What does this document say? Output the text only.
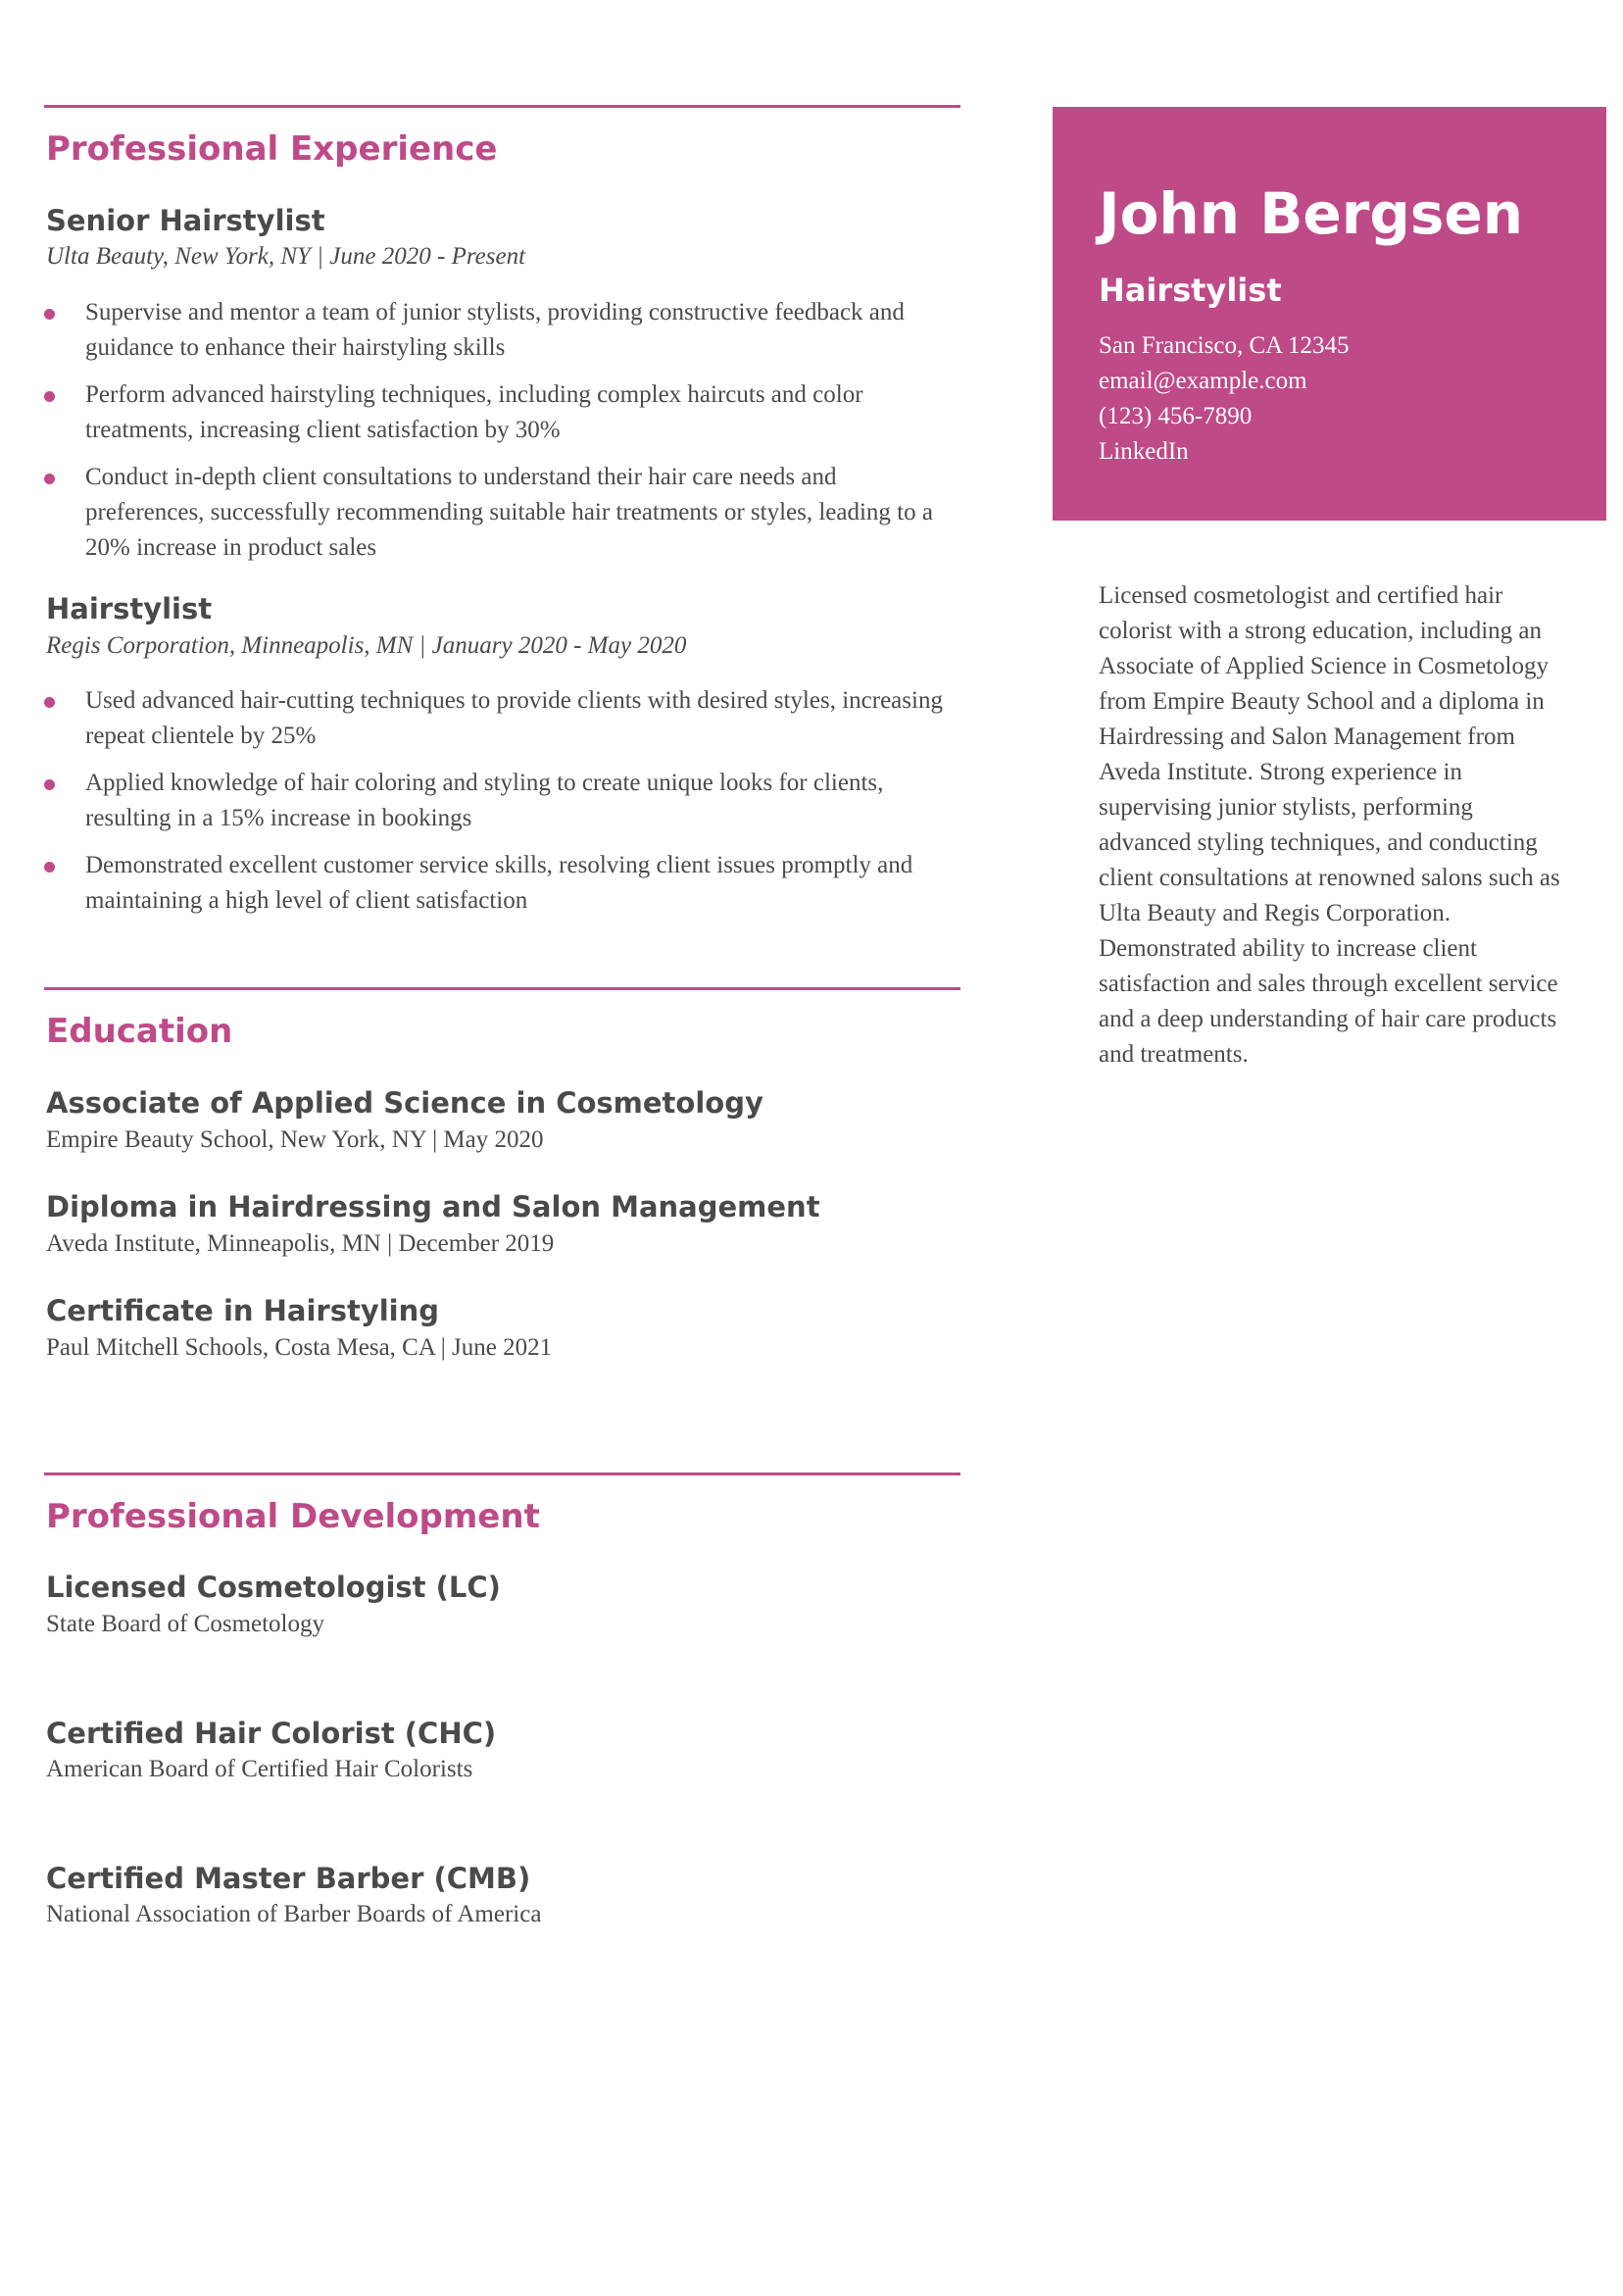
Professional Experience
Senior Hairstylist
Ulta Beauty, New York, NY | June 2020 - Present
Supervise and mentor a team of junior stylists, providing constructive feedback and guidance to enhance their hairstyling skills
Perform advanced hairstyling techniques, including complex haircuts and color treatments, increasing client satisfaction by 30%
Conduct in-depth client consultations to understand their hair care needs and preferences, successfully recommending suitable hair treatments or styles, leading to a 20% increase in product sales
Hairstylist
Regis Corporation, Minneapolis, MN | January 2020 - May 2020
Used advanced hair-cutting techniques to provide clients with desired styles, increasing repeat clientele by 25%
Applied knowledge of hair coloring and styling to create unique looks for clients, resulting in a 15% increase in bookings
Demonstrated excellent customer service skills, resolving client issues promptly and maintaining a high level of client satisfaction
Education
Associate of Applied Science in Cosmetology
Empire Beauty School, New York, NY | May 2020
Diploma in Hairdressing and Salon Management
Aveda Institute, Minneapolis, MN | December 2019
Certificate in Hairstyling
Paul Mitchell Schools, Costa Mesa, CA | June 2021
Professional Development
Licensed Cosmetologist (LC)
State Board of Cosmetology
Certified Hair Colorist (CHC)
American Board of Certified Hair Colorists
Certified Master Barber (CMB)
National Association of Barber Boards of America
John Bergsen
Hairstylist
San Francisco, CA 12345
email@example.com
(123) 456-7890
LinkedIn
Licensed cosmetologist and certified hair colorist with a strong education, including an Associate of Applied Science in Cosmetology from Empire Beauty School and a diploma in Hairdressing and Salon Management from Aveda Institute. Strong experience in supervising junior stylists, performing advanced styling techniques, and conducting client consultations at renowned salons such as Ulta Beauty and Regis Corporation. Demonstrated ability to increase client satisfaction and sales through excellent service and a deep understanding of hair care products and treatments.
